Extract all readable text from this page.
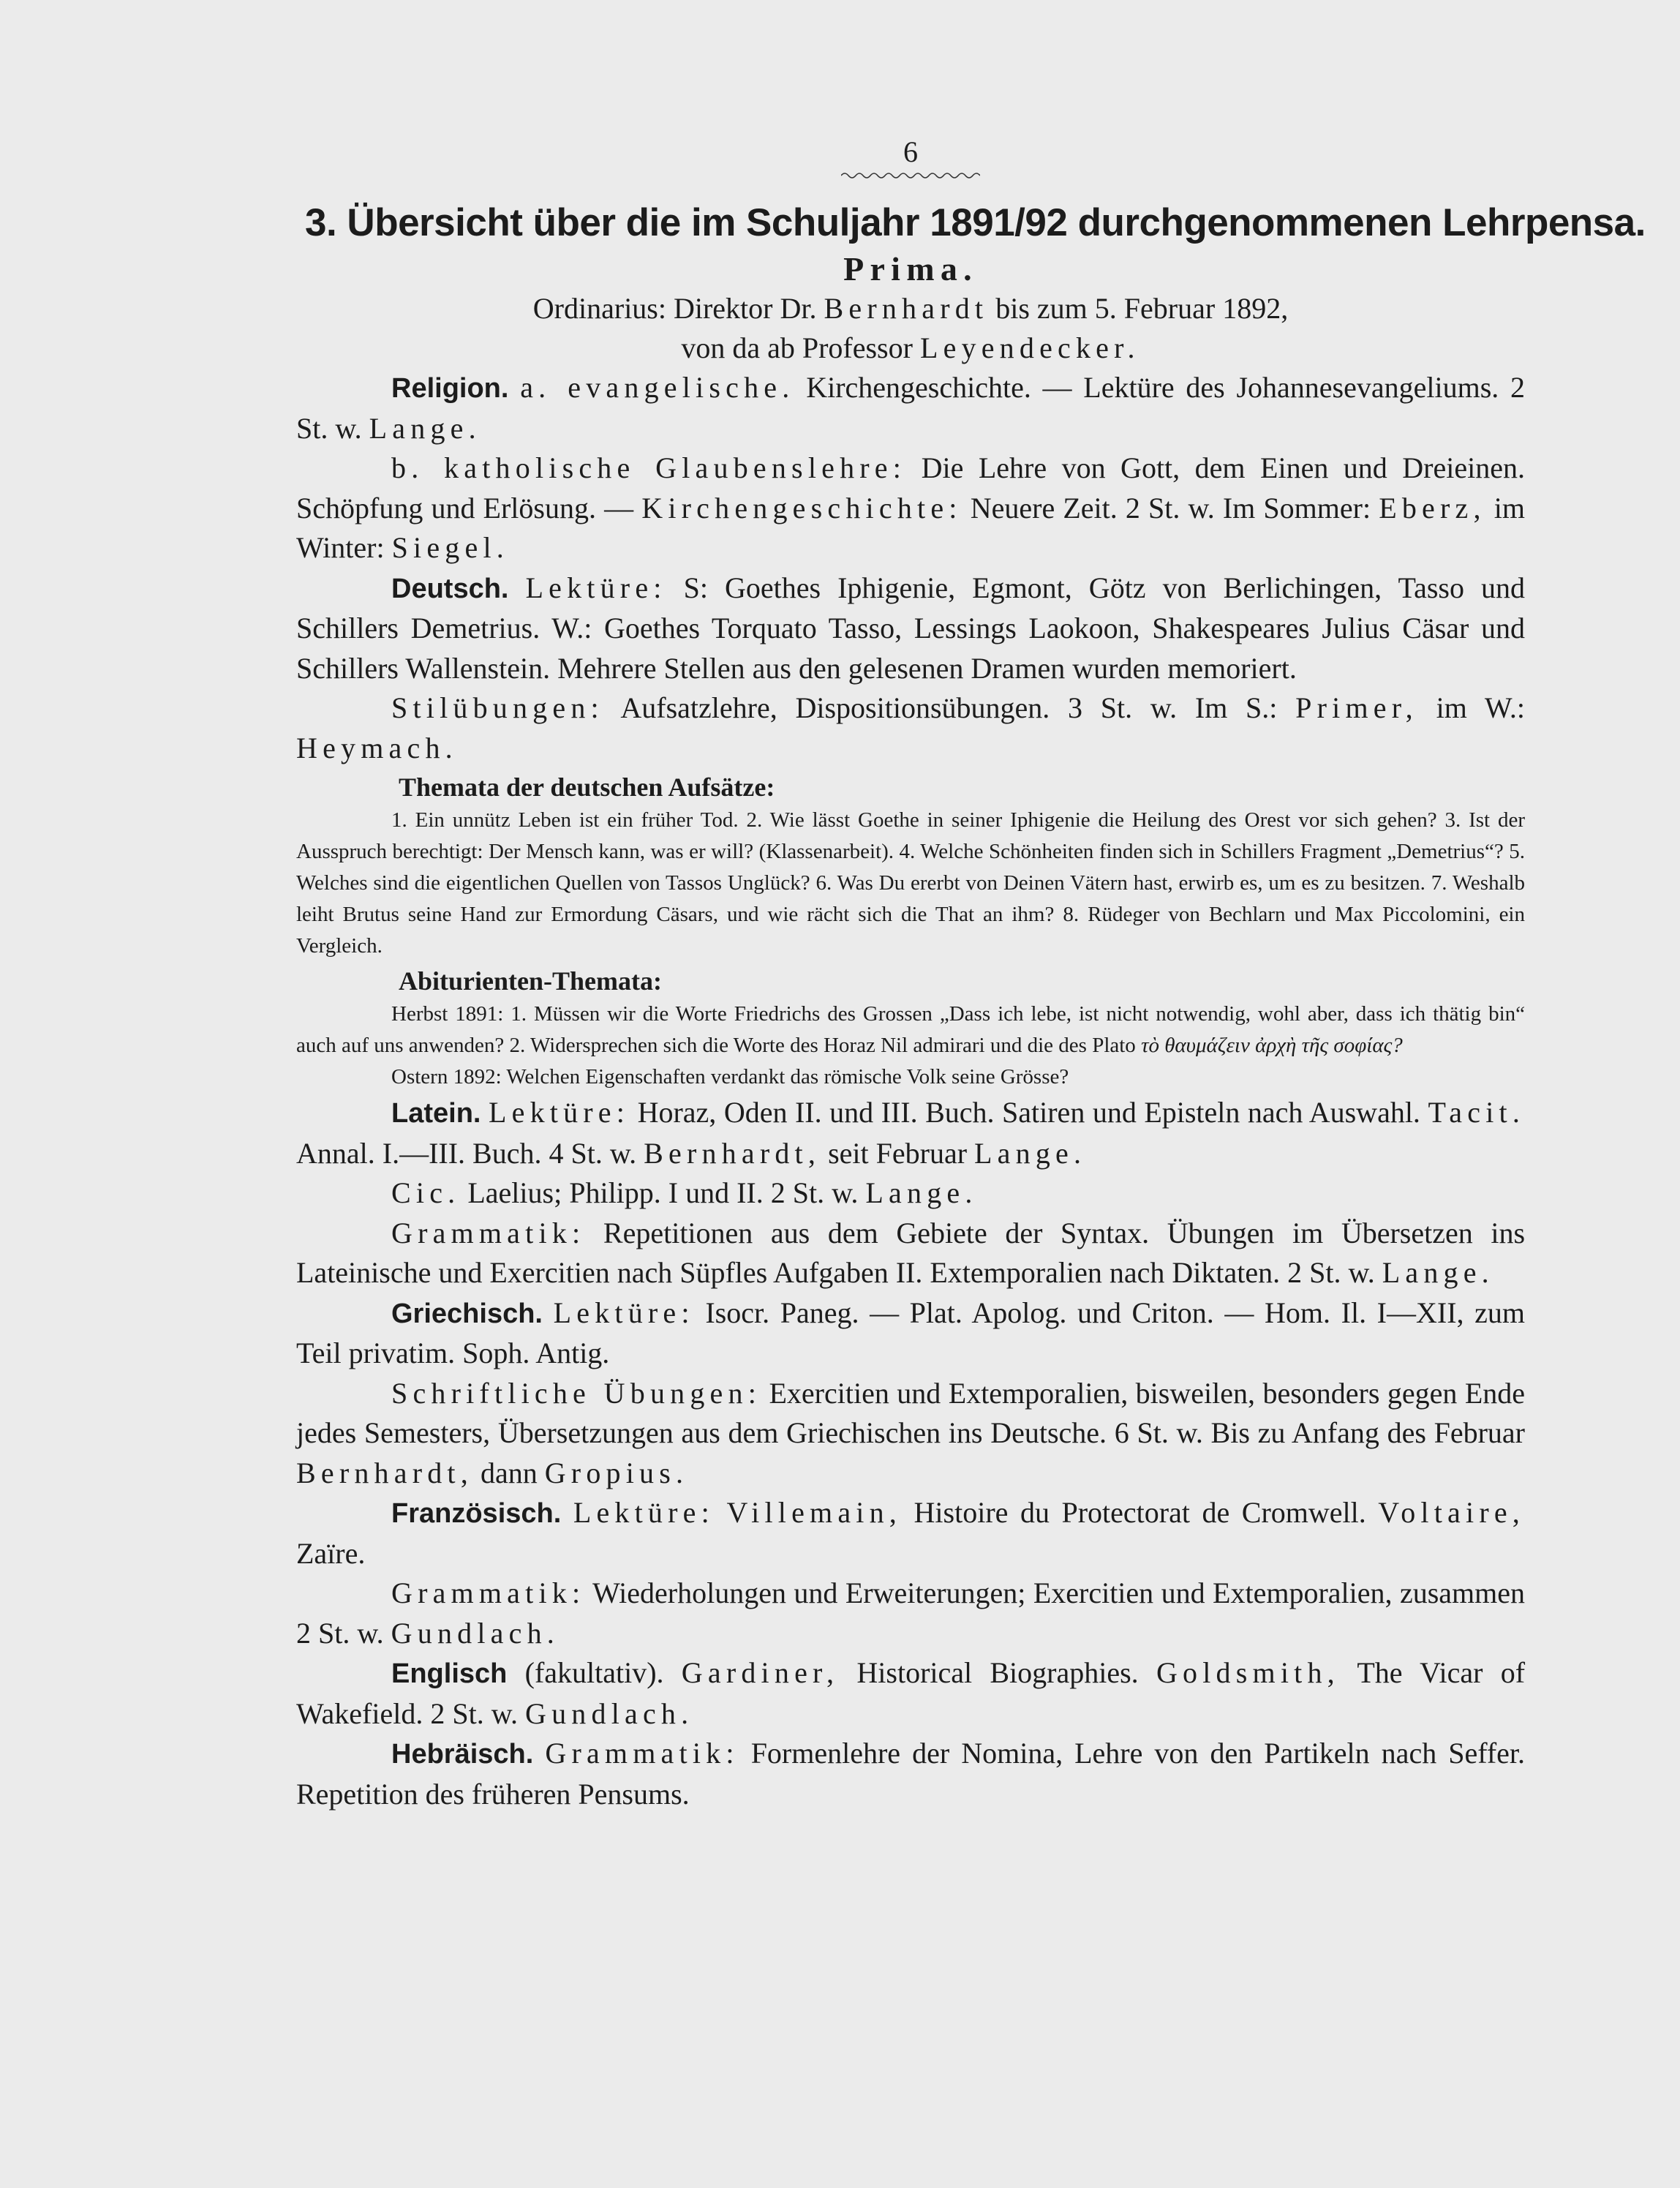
6
3. Übersicht über die im Schuljahr 1891/92 durchgenommenen Lehrpensa.
Prima.
Ordinarius: Direktor Dr. Bernhardt bis zum 5. Februar 1892,
von da ab Professor Leyendecker.

Religion. a. evangelische. Kirchengeschichte. — Lektüre des Johannesevangeliums. 2 St. w. Lange.

b. katholische Glaubenslehre: Die Lehre von Gott, dem Einen und Dreieinen. Schöpfung und Erlösung. — Kirchengeschichte: Neuere Zeit. 2 St. w. Im Sommer: Eberz, im Winter: Siegel.

Deutsch. Lektüre: S: Goethes Iphigenie, Egmont, Götz von Berlichingen, Tasso und Schillers Demetrius. W.: Goethes Torquato Tasso, Lessings Laokoon, Shakespeares Julius Cäsar und Schillers Wallenstein. Mehrere Stellen aus den gelesenen Dramen wurden memoriert.

Stilübungen: Aufsatzlehre, Dispositionsübungen. 3 St. w. Im S.: Primer, im W.: Heymach.

Themata der deutschen Aufsätze:

1. Ein unnütz Leben ist ein früher Tod. 2. Wie lässt Goethe in seiner Iphigenie die Heilung des Orest vor sich gehen? 3. Ist der Ausspruch berechtigt: Der Mensch kann, was er will? (Klassenarbeit). 4. Welche Schönheiten finden sich in Schillers Fragment „Demetrius“? 5. Welches sind die eigentlichen Quellen von Tassos Unglück? 6. Was Du ererbt von Deinen Vätern hast, erwirb es, um es zu besitzen. 7. Weshalb leiht Brutus seine Hand zur Ermordung Cäsars, und wie rächt sich die That an ihm? 8. Rüdeger von Bechlarn und Max Piccolomini, ein Vergleich.

Abiturienten-Themata:

Herbst 1891: 1. Müssen wir die Worte Friedrichs des Grossen „Dass ich lebe, ist nicht notwendig, wohl aber, dass ich thätig bin“ auch auf uns anwenden? 2. Widersprechen sich die Worte des Horaz Nil admirari und die des Plato τὸ θαυμάζειν ἀρχὴ τῆς σοφίας?

Ostern 1892: Welchen Eigenschaften verdankt das römische Volk seine Grösse?

Latein. Lektüre: Horaz, Oden II. und III. Buch. Satiren und Episteln nach Auswahl. Tacit. Annal. I.—III. Buch. 4 St. w. Bernhardt, seit Februar Lange.

Cic. Laelius; Philipp. I und II. 2 St. w. Lange.

Grammatik: Repetitionen aus dem Gebiete der Syntax. Übungen im Übersetzen ins Lateinische und Exercitien nach Süpfles Aufgaben II. Extemporalien nach Diktaten. 2 St. w. Lange.

Griechisch. Lektüre: Isocr. Paneg. — Plat. Apolog. und Criton. — Hom. Il. I—XII, zum Teil privatim. Soph. Antig.

Schriftliche Übungen: Exercitien und Extemporalien, bisweilen, besonders gegen Ende jedes Semesters, Übersetzungen aus dem Griechischen ins Deutsche. 6 St. w. Bis zu Anfang des Februar Bernhardt, dann Gropius.

Französisch. Lektüre: Villemain, Histoire du Protectorat de Cromwell. Voltaire, Zaïre.

Grammatik: Wiederholungen und Erweiterungen; Exercitien und Extemporalien, zusammen 2 St. w. Gundlach.

Englisch (fakultativ). Gardiner, Historical Biographies. Goldsmith, The Vicar of Wakefield. 2 St. w. Gundlach.

Hebräisch. Grammatik: Formenlehre der Nomina, Lehre von den Partikeln nach Seffer. Repetition des früheren Pensums.
